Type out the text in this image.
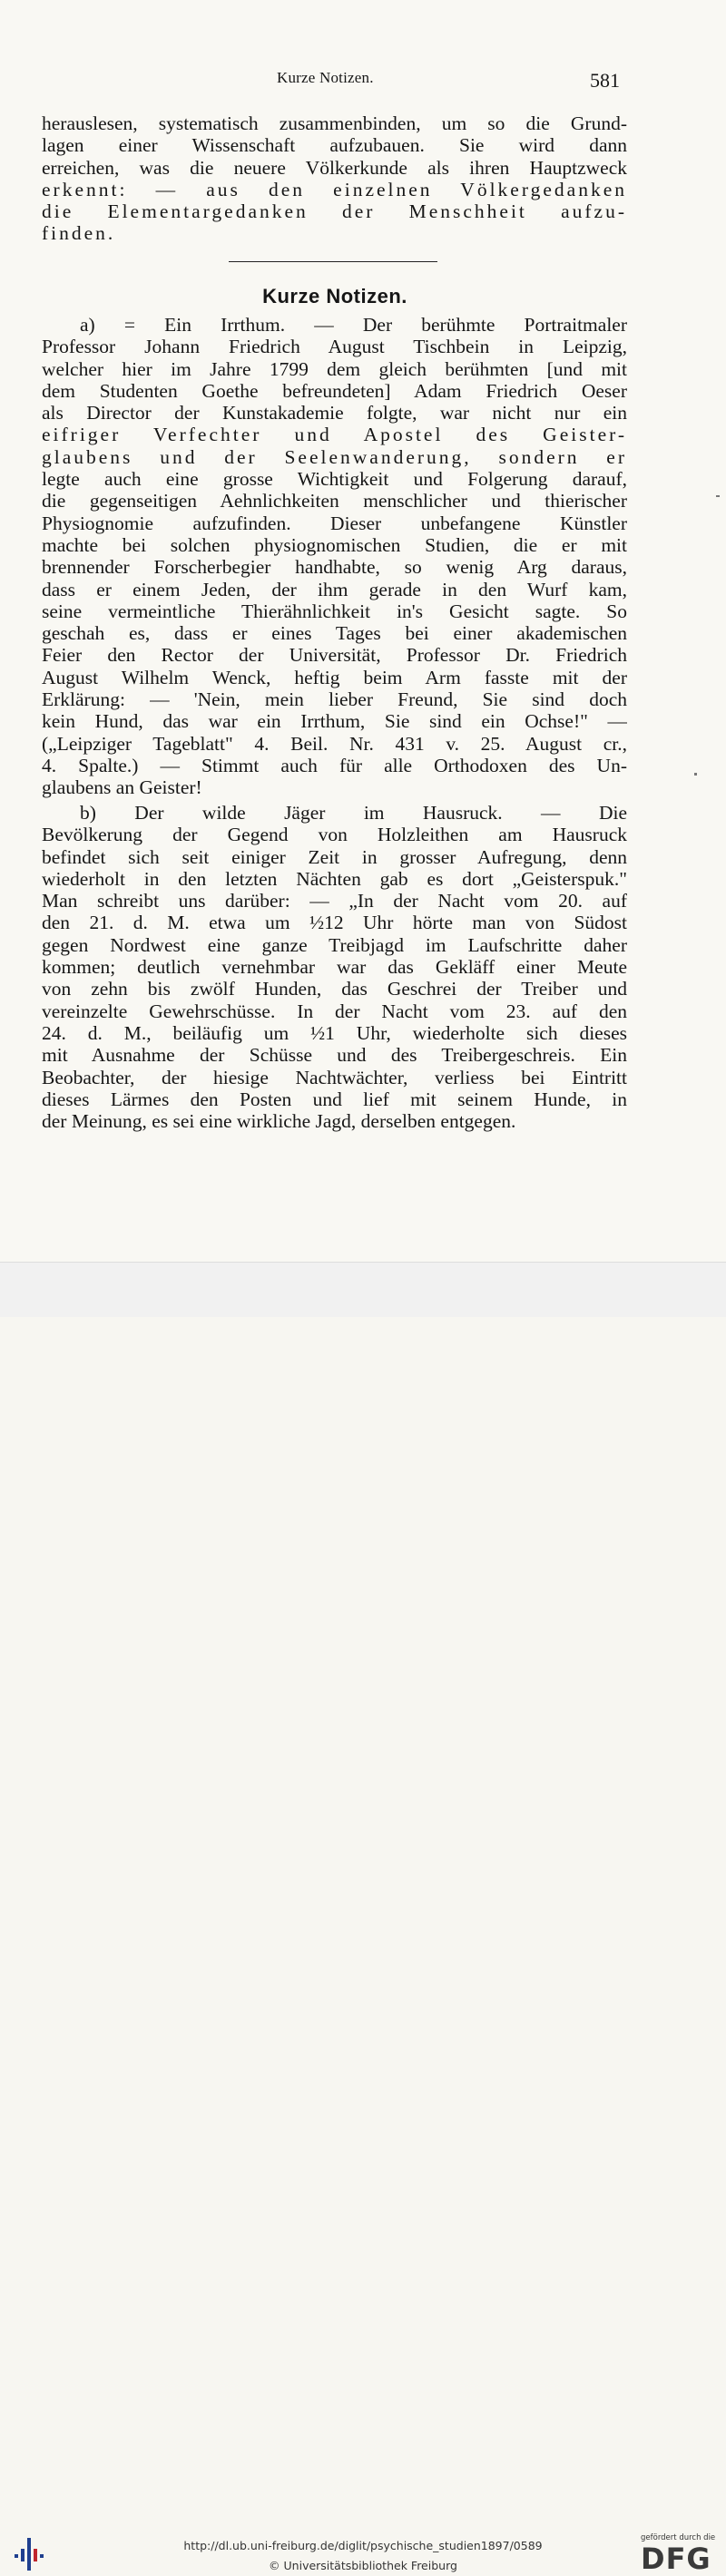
Kurze Notizen.	581

herauslesen, systematisch zusammenbinden, um so die Grund-

lagen einer Wissenschaft aufzubauen. Sie wird dann

erreichen, was die neuere Völkerkunde als ihren Hauptzweck

erkennt: — aus den einzelnen Völkergedanken

die Elementargedanken der Menschheit aufzu-

finden.

Kurze Notizen.

a) = Ein Irrthum. — Der berühmte Portraitmaler

Professor Johann Friedrich August Tischbein in Leipzig,

welcher hier im Jahre 1799 dem gleich berühmten [und mit

dem Studenten Goethe befreundeten] Adam Friedrich Oeser

als Director der Kunstakademie folgte, war nicht nur ein

eifriger Verfechter und Apostel des Geister-

glaubens und der Seelenwanderung, sondern er

legte auch eine grosse Wichtigkeit und Folgerung darauf,

die gegenseitigen Aehnlichkeiten menschlicher und thierischer

Physiognomie aufzufinden. Dieser unbefangene Künstler

machte bei solchen physiognomischen Studien, die er mit

brennender Forscherbegier handhabte, so wenig Arg daraus,

dass er einem Jeden, der ihm gerade in den Wurf kam,

seine vermeintliche Thierähnlichkeit in's Gesicht sagte. So

geschah es, dass er eines Tages bei einer akademischen

Feier den Rector der Universität, Professor Dr. Friedrich

August Wilhelm Wenck, heftig beim Arm fasste mit der

Erklärung: — 'Nein, mein lieber Freund, Sie sind doch

kein Hund, das war ein Irrthum, Sie sind ein Ochse!" —

(„Leipziger Tageblatt" 4. Beil. Nr. 431 v. 25. August cr.,

4. Spalte.) — Stimmt auch für alle Orthodoxen des Un-

glaubens an Geister!

b) Der wilde Jäger im Hausruck. — Die

Bevölkerung der Gegend von Holzleithen am Hausruck

befindet sich seit einiger Zeit in grosser Aufregung, denn

wiederholt in den letzten Nächten gab es dort „Geisterspuk."

Man schreibt uns darüber: — „In der Nacht vom 20. auf

den 21. d. M. etwa um ½12 Uhr hörte man von Südost

gegen Nordwest eine ganze Treibjagd im Laufschritte daher

kommen; deutlich vernehmbar war das Gekläff einer Meute

von zehn bis zwölf Hunden, das Geschrei der Treiber und

vereinzelte Gewehrschüsse. In der Nacht vom 23. auf den

24. d. M., beiläufig um ½1 Uhr, wiederholte sich dieses

mit Ausnahme der Schüsse und des Treibergeschreis. Ein

Beobachter, der hiesige Nachtwächter, verliess bei Eintritt

dieses Lärmes den Posten und lief mit seinem Hunde, in

der Meinung, es sei eine wirkliche Jagd, derselben entgegen.

http://dl.ub.uni-freiburg.de/diglit/psychische_studien1897/0589
© Universitätsbibliothek Freiburg
gefördert durch die
DFG
